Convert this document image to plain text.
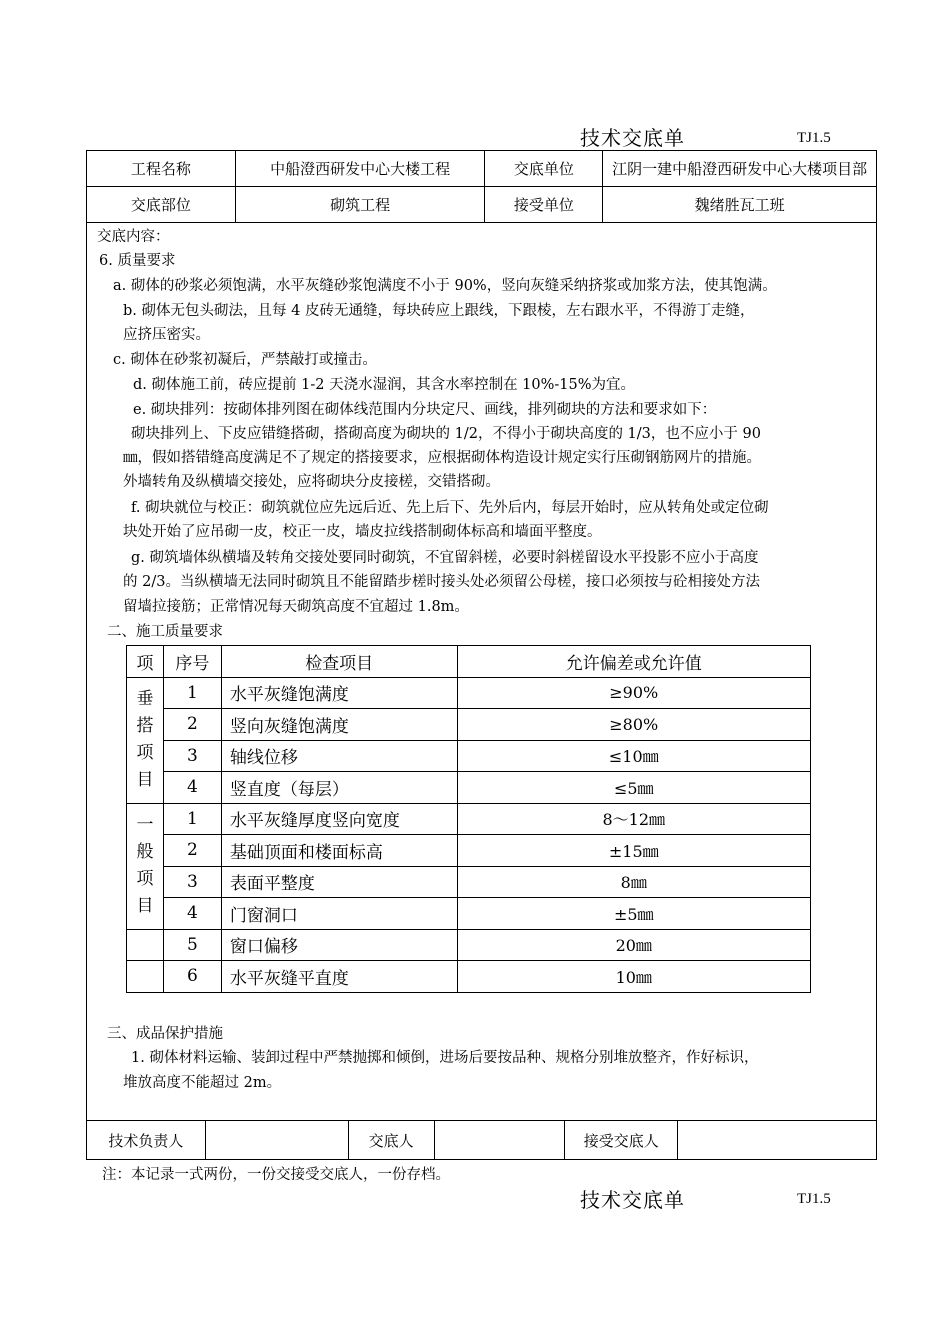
技术交底单	TJ1.5
工程名称	中船澄西研发中心大楼工程	交底单位	江阴一建中船澄西研发中心大楼项目部
交底部位	砌筑工程	接受单位	魏绪胜瓦工班
交底内容：
6. 质量要求
a. 砌体的砂浆必须饱满，水平灰缝砂浆饱满度不小于 90%，竖向灰缝采纳挤浆或加浆方法，使其饱满。
b. 砌体无包头砌法，且每 4 皮砖无通缝，每块砖应上跟线，下跟棱，左右跟水平，不得游丁走缝，
应挤压密实。
c. 砌体在砂浆初凝后，严禁敲打或撞击。
d. 砌体施工前，砖应提前 1-2 天浇水湿润，其含水率控制在 10%-15%为宜。
e. 砌块排列：按砌体排列图在砌体线范围内分块定尺、画线，排列砌块的方法和要求如下：
砌块排列上、下皮应错缝搭砌，搭砌高度为砌块的 1/2，不得小于砌块高度的 1/3，也不应小于 90
㎜，假如搭错缝高度满足不了规定的搭接要求，应根据砌体构造设计规定实行压砌钢筋网片的措施。
外墙转角及纵横墙交接处，应将砌块分皮接槎，交错搭砌。
f. 砌块就位与校正：砌筑就位应先远后近、先上后下、先外后内，每层开始时，应从转角处或定位砌
块处开始了应吊砌一皮，校正一皮，墙皮拉线搭制砌体标高和墙面平整度。
g. 砌筑墙体纵横墙及转角交接处要同时砌筑，不宜留斜槎，必要时斜槎留设水平投影不应小于高度
的 2/3。当纵横墙无法同时砌筑且不能留踏步槎时接头处必须留公母槎，接口必须按与砼相接处方法
留墙拉接筋；正常情况每天砌筑高度不宜超过 1.8m。
二、施工质量要求
三、成品保护措施
1. 砌体材料运输、装卸过程中严禁抛掷和倾倒，进场后要按品种、规格分别堆放整齐，作好标识，
堆放高度不能超过 2m。
项	序号	检查项目	允许偏差或允许值

垂搭项目	1	水平灰缝饱满度	≥90%
	2	竖向灰缝饱满度	≥80%
	3	轴线位移	≤10㎜
	4	竖直度（每层）	≤5㎜

一般项目	1	水平灰缝厚度竖向宽度	8～12㎜
	2	基础顶面和楼面标高	±15㎜
	3	表面平整度	8㎜
	4	门窗洞口	±5㎜
	5	窗口偏移	20㎜
	6	水平灰缝平直度	10㎜
技术负责人		交底人		接受交底人	
注：本记录一式两份，一份交接受交底人，一份存档。
技术交底单	TJ1.5
